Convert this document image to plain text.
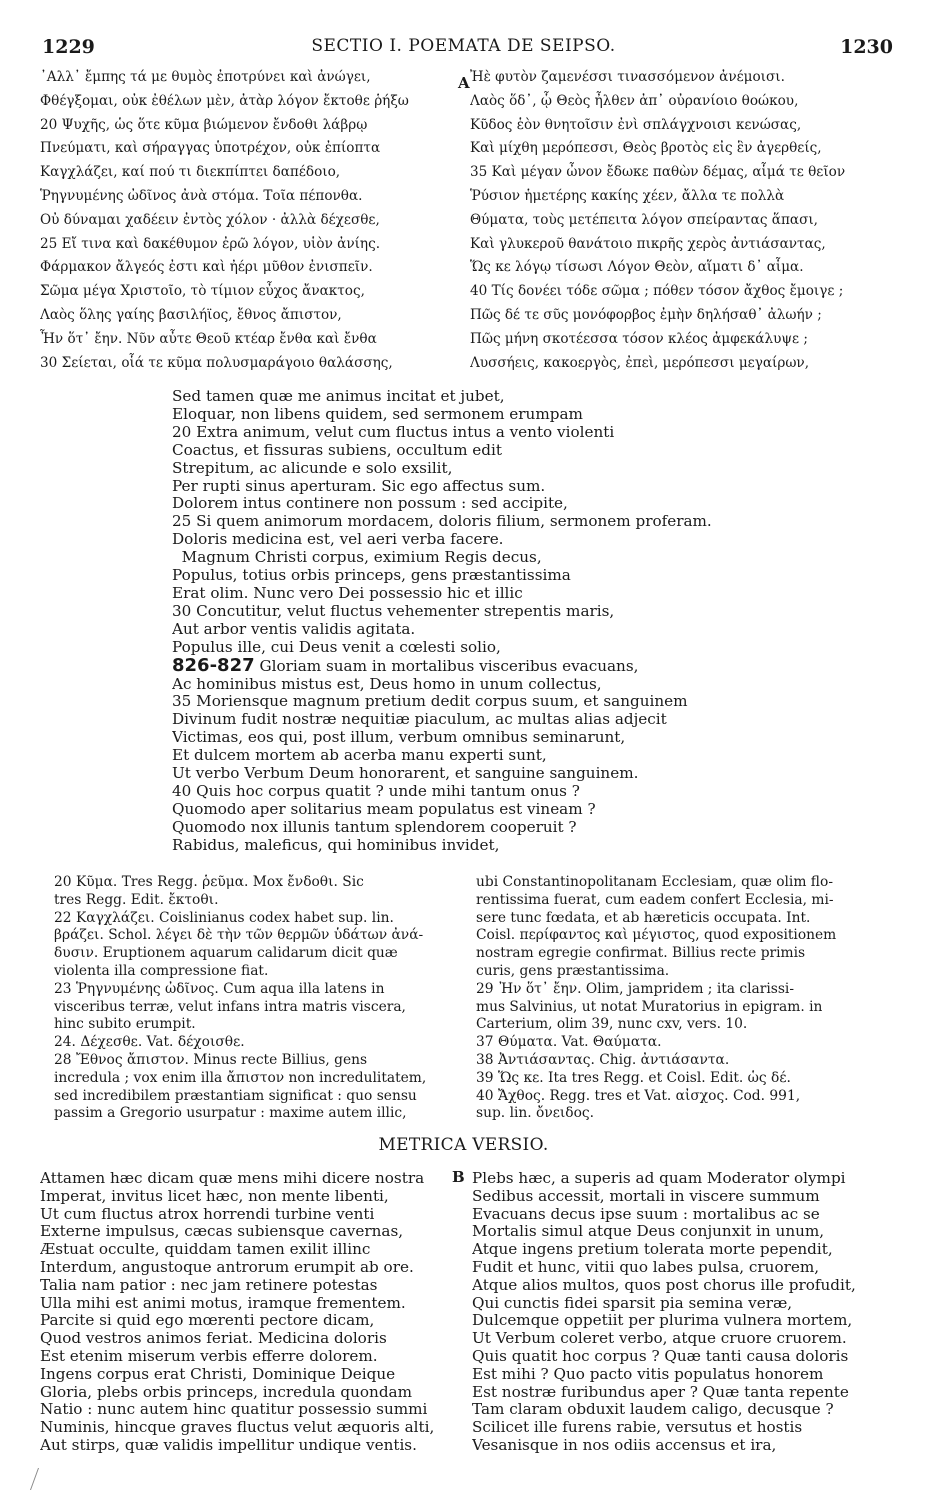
1229	SECTIO I. POEMATA DE SEIPSO.	1230
A
B
᾿Αλλ᾿ ἔμπης τά με θυμὸς ἐποτρύνει καὶ ἀνώγει,
Φθέγξομαι, οὐκ ἐθέλων μὲν, ἀτὰρ λόγον ἔκτοθε ῥήξω
20 Ψυχῆς, ὡς ὅτε κῦμα βιώμενον ἔνδοθι λάβρῳ
Πνεύματι, καὶ σήραγγας ὑποτρέχον, οὐκ ἐπίοπτα
Καγχλάζει, καί πού τι διεκπίπτει δαπέδοιο,
Ῥηγνυμένης ὠδῖνος ἀνὰ στόμα. Τοῖα πέπονθα.
Οὐ δύναμαι χαδέειν ἐντὸς χόλον · ἀλλὰ δέχεσθε,
25 Εἴ τινα καὶ δακέθυμον ἐρῶ λόγον, υἱὸν ἀνίης.
Φάρμακον ἄλγεός ἐστι καὶ ἠέρι μῦθον ἐνισπεῖν.
Σῶμα μέγα Χριστοῖο, τὸ τίμιον εὖχος ἄνακτος,
Λαὸς ὅλης γαίης βασιλήϊος, ἔθνος ἄπιστον,
Ἦν ὅτ᾿ ἔην. Νῦν αὖτε Θεοῦ κτέαρ ἔνθα καὶ ἔνθα
30 Σείεται, οἷά τε κῦμα πολυσμαράγοιο θαλάσσης,
Ἠὲ φυτὸν ζαμενέσσι τινασσόμενον ἀνέμοισι.
Λαὸς ὅδ᾿, ᾧ Θεὸς ἦλθεν ἀπ᾿ οὐρανίοιο θοώκου,
Κῦδος ἑὸν θνητοῖσιν ἐνὶ σπλάγχνοισι κενώσας,
Καὶ μίχθη μερόπεσσι, Θεὸς βροτὸς εἰς ἓν ἀγερθείς,
35 Καὶ μέγαν ὦνον ἔδωκε παθὼν δέμας, αἷμά τε θεῖον
Ῥύσιον ἡμετέρης κακίης χέεν, ἄλλα τε πολλὰ
Θύματα, τοὺς μετέπειτα λόγον σπείραντας ἅπασι,
Καὶ γλυκεροῦ θανάτοιο πικρῆς χερὸς ἀντιάσαντας,
Ὥς κε λόγῳ τίσωσι Λόγον Θεὸν, αἵματι δ᾿ αἷμα.
40 Τίς δονέει τόδε σῶμα ; πόθεν τόσον ἄχθος ἔμοιγε ;
Πῶς δέ τε σῦς μονόφορβος ἐμὴν δηλήσαθ᾿ ἀλωήν ;
Πῶς μήνη σκοτέεσσα τόσον κλέος ἀμφεκάλυψε ;
Λυσσήεις, κακοεργὸς, ἐπεὶ, μερόπεσσι μεγαίρων,
Sed tamen quæ me animus incitat et jubet,
Eloquar, non libens quidem, sed sermonem erumpam
20 Extra animum, velut cum fluctus intus a vento violenti
Coactus, et fissuras subiens, occultum edit
Strepitum, ac alicunde e solo exsilit,
Per rupti sinus aperturam. Sic ego affectus sum.
Dolorem intus continere non possum : sed accipite,
25 Si quem animorum mordacem, doloris filium, sermonem proferam.
Doloris medicina est, vel aeri verba facere.
Magnum Christi corpus, eximium Regis decus,
Populus, totius orbis princeps, gens præstantissima
Erat olim. Nunc vero Dei possessio hic et illic
30 Concutitur, velut fluctus vehementer strepentis maris,
Aut arbor ventis validis agitata.
Populus ille, cui Deus venit a cœlesti solio,
826-827 Gloriam suam in mortalibus visceribus evacuans,
Ac hominibus mistus est, Deus homo in unum collectus,
35 Moriensque magnum pretium dedit corpus suum, et sanguinem
Divinum fudit nostræ nequitiæ piaculum, ac multas alias adjecit
Victimas, eos qui, post illum, verbum omnibus seminarunt,
Et dulcem mortem ab acerba manu experti sunt,
Ut verbo Verbum Deum honorarent, et sanguine sanguinem.
40 Quis hoc corpus quatit ? unde mihi tantum onus ?
Quomodo aper solitarius meam populatus est vineam ?
Quomodo nox illunis tantum splendorem cooperuit ?
Rabidus, maleficus, qui hominibus invidet,
20 Κῦμα. Tres Regg. ῥεῦμα. Mox ἔνδοθι. Sic
tres Regg. Edit. ἔκτοθι.
22 Καγχλάζει. Coislinianus codex habet sup. lin.
βράζει. Schol. λέγει δὲ τὴν τῶν θερμῶν ὑδάτων ἀνά-
δυσιν. Eruptionem aquarum calidarum dicit quæ
violenta illa compressione fiat.
23 Ῥηγνυμένης ὠδῖνος. Cum aqua illa latens in
visceribus terræ, velut infans intra matris viscera,
hinc subito erumpit.
24. Δέχεσθε. Vat. δέχοισθε.
28 Ἔθνος ἄπιστον. Minus recte Billius, gens
incredula ; vox enim illa ἄπιστον non incredulitatem,
sed incredibilem præstantiam significat : quo sensu
passim a Gregorio usurpatur : maxime autem illic,
ubi Constantinopolitanam Ecclesiam, quæ olim flo-
rentissima fuerat, cum eadem confert Ecclesia, mi-
sere tunc fœdata, et ab hæreticis occupata. Int.
Coisl. περίφαντος καὶ μέγιστος, quod expositionem
nostram egregie confirmat. Billius recte primis
curis, gens præstantissima.
29 Ἦν ὅτ᾿ ἔην. Olim, jampridem ; ita clarissi-
mus Salvinius, ut notat Muratorius in epigram. in
Carterium, olim 39, nunc cxv, vers. 10.
37 Θύματα. Vat. Θαύματα.
38 Ἀντιάσαντας. Chig. ἀντιάσαντα.
39 Ὥς κε. Ita tres Regg. et Coisl. Edit. ὡς δέ.
40 Ἄχθος. Regg. tres et Vat. αἶσχος. Cod. 991,
sup. lin. ὄνειδος.
METRICA VERSIO.
Attamen hæc dicam quæ mens mihi dicere nostra
Imperat, invitus licet hæc, non mente libenti,
Ut cum fluctus atrox horrendi turbine venti
Externe impulsus, cæcas subiensque cavernas,
Æstuat occulte, quiddam tamen exilit illinc
Interdum, angustoque antrorum erumpit ab ore.
Talia nam patior : nec jam retinere potestas
Ulla mihi est animi motus, iramque frementem.
Parcite si quid ego mœrenti pectore dicam,
Quod vestros animos feriat. Medicina doloris
Est etenim miserum verbis efferre dolorem.
Ingens corpus erat Christi, Dominique Deique
Gloria, plebs orbis princeps, incredula quondam
Natio : nunc autem hinc quatitur possessio summi
Numinis, hincque graves fluctus velut æquoris alti,
Aut stirps, quæ validis impellitur undique ventis.
Plebs hæc, a superis ad quam Moderator olympi
Sedibus accessit, mortali in viscere summum
Evacuans decus ipse suum : mortalibus ac se
Mortalis simul atque Deus conjunxit in unum,
Atque ingens pretium tolerata morte pependit,
Fudit et hunc, vitii quo labes pulsa, cruorem,
Atque alios multos, quos post chorus ille profudit,
Qui cunctis fidei sparsit pia semina veræ,
Dulcemque oppetiit per plurima vulnera mortem,
Ut Verbum coleret verbo, atque cruore cruorem.
Quis quatit hoc corpus ? Quæ tanti causa doloris
Est mihi ? Quo pacto vitis populatus honorem
Est nostræ furibundus aper ? Quæ tanta repente
Tam claram obduxit laudem caligo, decusque ?
Scilicet ille furens rabie, versutus et hostis
Vesanisque in nos odiis accensus et ira,
